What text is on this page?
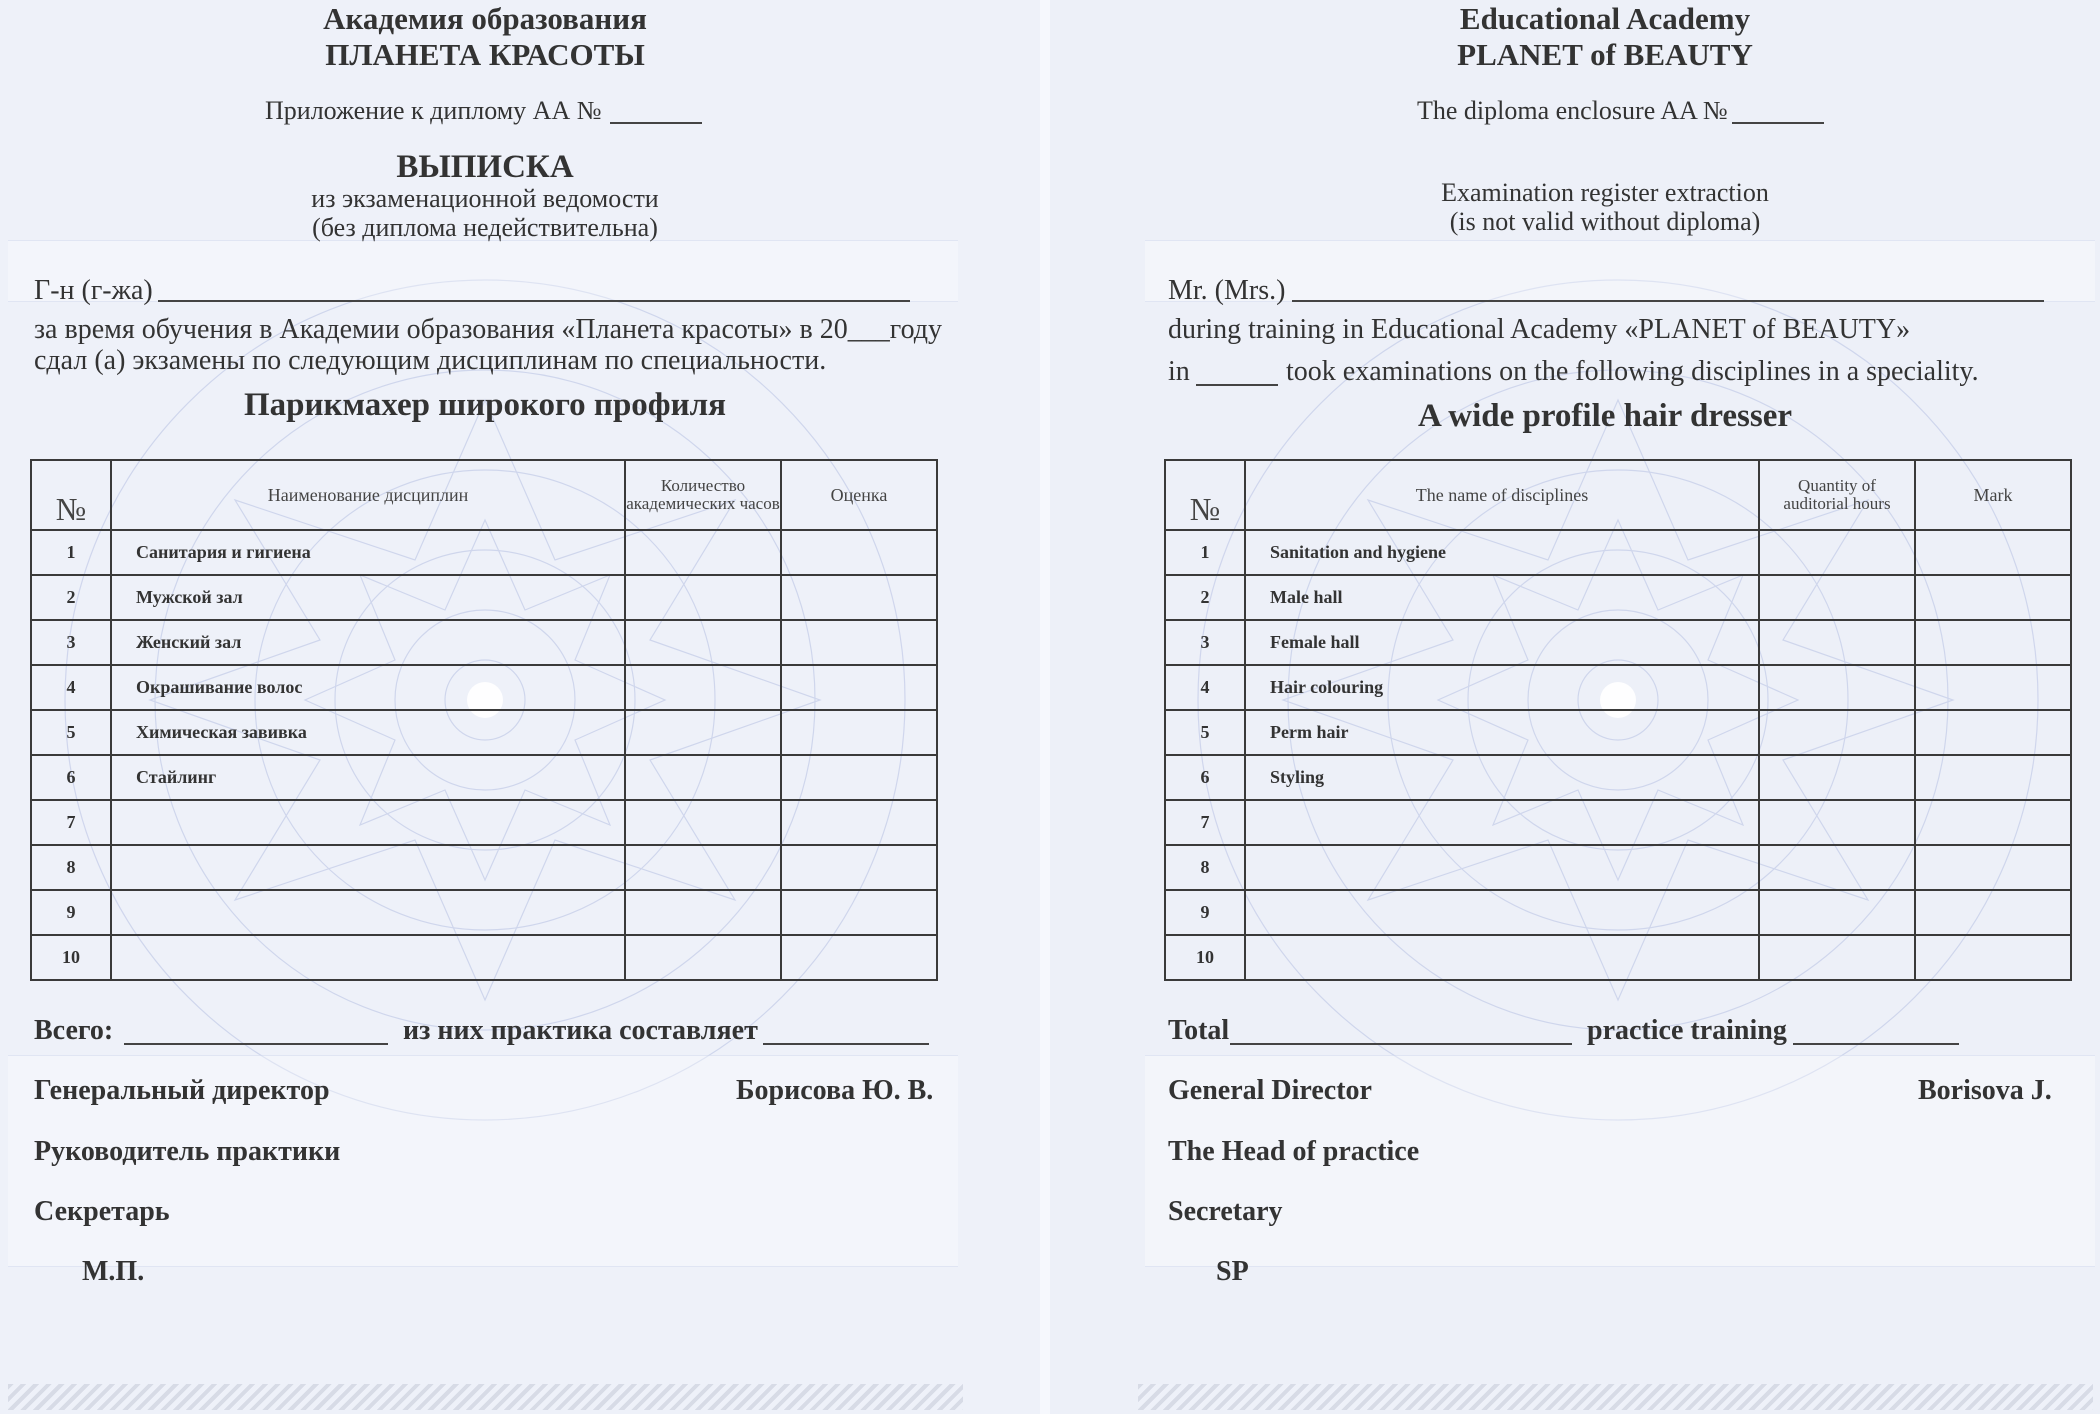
Академия образования
ПЛАНЕТА КРАСОТЫ
Приложение к диплому АА №
ВЫПИСКА
из экзаменационной ведомости
(без диплома недействительна)
Г-н (г-жа)
за время обучения в Академии образования «Планета красоты» в 20___году
сдал (а) экзамены по следующим дисциплинам по специальности.
Парикмахер широкого профиля
№	Наименование дисциплин	Количество академических часов	Оценка
1	Санитария и гигиена		
2	Мужской зал		
3	Женский зал		
4	Окрашивание волос		
5	Химическая завивка		
6	Стайлинг		
7			
8			
9			
10			
Всего:	из них практика составляет
Генеральный директор	Борисова Ю. В.
Руководитель практики
Секретарь
М.П.
Educational Academy
PLANET of BEAUTY
The diploma enclosure AA №
Examination register extraction
(is not valid without diploma)
Mr. (Mrs.)
during training in Educational Academy «PLANET of BEAUTY»
in	took examinations on the following disciplines in a speciality.
A wide profile hair dresser
№	The name of disciplines	Quantity of auditorial hours	Mark
1	Sanitation and hygiene		
2	Male hall		
3	Female hall		
4	Hair colouring		
5	Perm hair		
6	Styling		
7			
8			
9			
10			
Total	practice training
General Director	Borisova J.
The Head of practice
Secretary
SP
